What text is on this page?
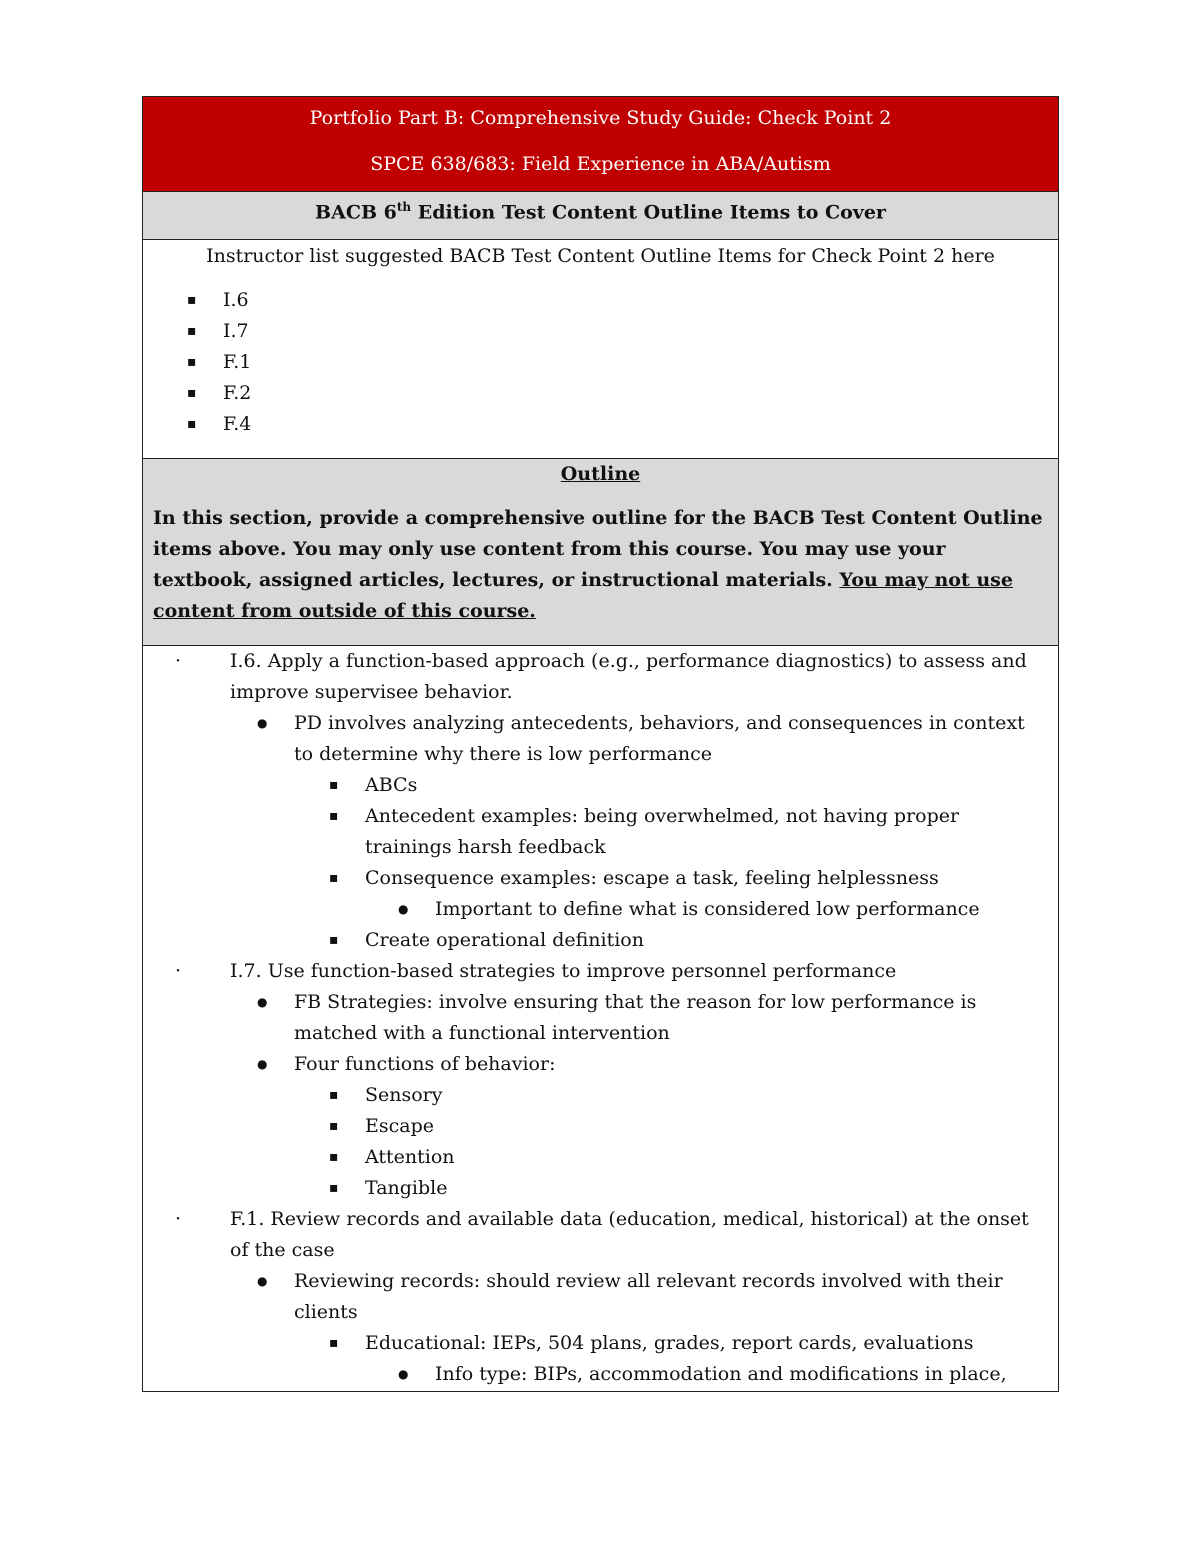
Portfolio Part B: Comprehensive Study Guide: Check Point 2
SPCE 638/683: Field Experience in ABA/Autism
BACB 6th Edition Test Content Outline Items to Cover
Instructor list suggested BACB Test Content Outline Items for Check Point 2 here
▪ I.6
▪ I.7
▪ F.1
▪ F.2
▪ F.4
Outline
In this section, provide a comprehensive outline for the BACB Test Content Outline items above. You may only use content from this course. You may use your textbook, assigned articles, lectures, or instructional materials. You may not use content from outside of this course.
· I.6. Apply a function-based approach (e.g., performance diagnostics) to assess and improve supervisee behavior.
● PD involves analyzing antecedents, behaviors, and consequences in context to determine why there is low performance
▪ ABCs
▪ Antecedent examples: being overwhelmed, not having proper trainings harsh feedback
▪ Consequence examples: escape a task, feeling helplessness
● Important to define what is considered low performance
▪ Create operational definition
· I.7. Use function-based strategies to improve personnel performance
● FB Strategies: involve ensuring that the reason for low performance is matched with a functional intervention
● Four functions of behavior:
▪ Sensory
▪ Escape
▪ Attention
▪ Tangible
· F.1. Review records and available data (education, medical, historical) at the onset of the case
● Reviewing records: should review all relevant records involved with their clients
▪ Educational: IEPs, 504 plans, grades, report cards, evaluations
● Info type: BIPs, accommodation and modifications in place,
